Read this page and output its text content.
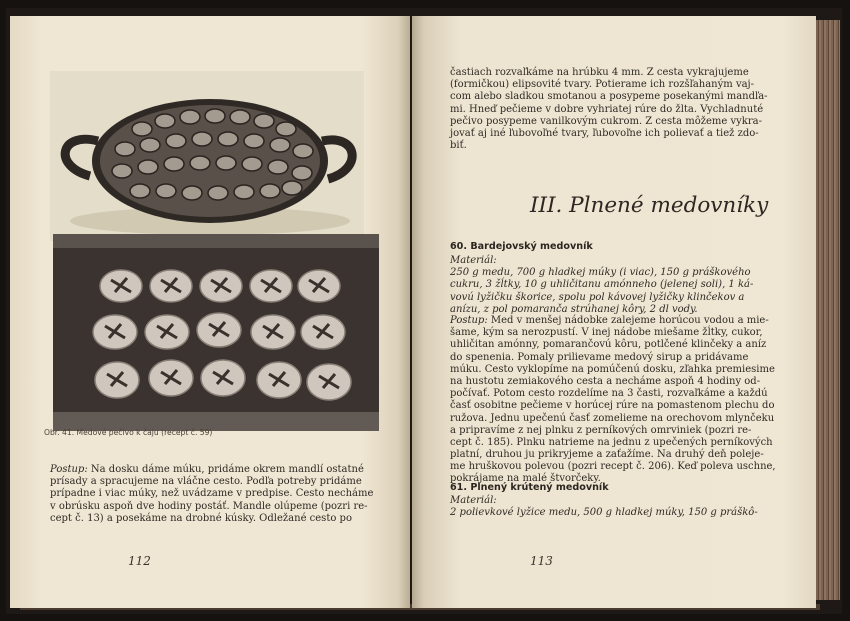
Obr. 41. Medové pečivo k čaju (recept č. 59)
Postup: Na dosku dáme múku, pridáme okrem mandlí ostatné
prísady a spracujeme na vláčne cesto. Podľa potreby pridáme
prípadne i viac múky, než uvádzame v predpise. Cesto necháme
v obrúsku aspoň dve hodiny postáť. Mandle olúpeme (pozri re-
cept č. 13) a posekáme na drobné kúsky. Odležané cesto po
112
častiach rozvaľkáme na hrúbku 4 mm. Z cesta vykrajujeme
(formičkou) elipsovité tvary. Potierame ich rozšľahaným vaj-
com alebo sladkou smotanou a posypeme posekanými mandľa-
mi. Hneď pečieme v dobre vyhriatej rúre do žlta. Vychladnuté
pečivo posypeme vanilkovým cukrom. Z cesta môžeme vykra-
jovať aj iné ľubovoľné tvary, ľubovoľne ich polievať a tiež zdo-
biť.
III. Plnené medovníky
60. Bardejovský medovník
Materiál:
250 g medu, 700 g hladkej múky (i viac), 150 g práškového
cukru, 3 žĺtky, 10 g uhličitanu amónneho (jelenej soli), 1 ká-
vovú lyžičku škorice, spolu pol kávovej lyžičky klinčekov a
anízu, z pol pomaranča strúhanej kôry, 2 dl vody.
Postup: Med v menšej nádobke zalejeme horúcou vodou a mie-
šame, kým sa nerozpustí. V inej nádobe miešame žĺtky, cukor,
uhličitan amónny, pomarančovú kôru, potlčené klinčeky a aníz
do spenenia. Pomaly prilievame medový sirup a pridávame
múku. Cesto vyklopíme na pomúčenú dosku, zľahka premiesime
na hustotu zemiakového cesta a necháme aspoň 4 hodiny od-
počívať. Potom cesto rozdelíme na 3 časti, rozvaľkáme a každú
časť osobitne pečieme v horúcej rúre na pomastenom plechu do
ružova. Jednu upečenú časť zomelieme na orechovom mlynčeku
a pripravíme z nej plnku z perníkových omrviniek (pozri re-
cept č. 185). Plnku natrieme na jednu z upečených perníkových
platní, druhou ju prikryjeme a zaťažíme. Na druhý deň poleje-
me hruškovou polevou (pozri recept č. 206). Keď poleva uschne,
pokrájame na malé štvorčeky.
61. Plnený krútený medovník
Materiál:
2 polievkové lyžice medu, 500 g hladkej múky, 150 g práškô-
113
